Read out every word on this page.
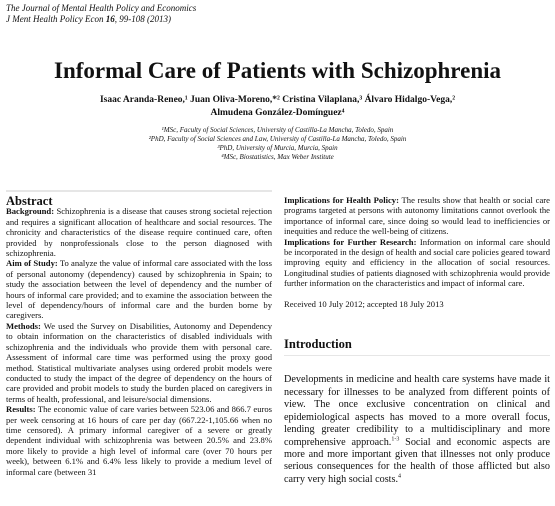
The Journal of Mental Health Policy and Economics
J Ment Health Policy Econ 16, 99-108 (2013)
Informal Care of Patients with Schizophrenia
Isaac Aranda-Reneo,¹ Juan Oliva-Moreno,*² Cristina Vilaplana,³ Álvaro Hidalgo-Vega,²
Almudena González-Domínguez⁴
¹MSc, Faculty of Social Sciences, University of Castilla-La Mancha, Toledo, Spain
²PhD, Faculty of Social Sciences and Law, University of Castilla-La Mancha, Toledo, Spain
³PhD, University of Murcia, Murcia, Spain
⁴MSc, Biostatistics, Max Weber Institute

Abstract

Background: Schizophrenia is a disease that causes strong societal rejection and requires a significant allocation of healthcare and social resources. The chronicity and characteristics of the disease require continued care, often provided by nonprofessionals close to the person diagnosed with schizophrenia.

Aim of Study: To analyze the value of informal care associated with the loss of personal autonomy (dependency) caused by schizophrenia in Spain; to study the association between the level of dependency and the number of hours of informal care provided; and to examine the association between the level of dependency/hours of informal care and the burden borne by caregivers.

Methods: We used the Survey on Disabilities, Autonomy and Dependency to obtain information on the characteristics of disabled individuals with schizophrenia and the individuals who provide them with personal care. Assessment of informal care time was performed using the proxy good method. Statistical multivariate analyses using ordered probit models were conducted to study the impact of the degree of dependency on the hours of care provided and probit models to study the burden placed on caregivers in terms of health, professional, and leisure/social dimensions.

Results: The economic value of care varies between 523.06 and 866.7 euros per week censoring at 16 hours of care per day (667.22-1,105.66 when no time censored). A primary informal caregiver of a severe or greatly dependent individual with schizophrenia was between 20.5% and 23.8% more likely to provide a high level of informal care (over 70 hours per week), between 6.1% and 6.4% less likely to provide a medium level of informal care (between 31

Implications for Health Policy: The results show that health or social care programs targeted at persons with autonomy limitations cannot overlook the importance of informal care, since doing so would lead to inefficiencies or inequities and reduce the well-being of citizens.

Implications for Further Research: Information on informal care should be incorporated in the design of health and social care policies geared toward improving equity and efficiency in the allocation of social resources. Longitudinal studies of patients diagnosed with schizophrenia would provide further information on the characteristics and impact of informal care.

Received 10 July 2012; accepted 18 July 2013

Introduction

Developments in medicine and health care systems have made it necessary for illnesses to be analyzed from different points of view. The once exclusive concentration on clinical and epidemiological aspects has moved to a more overall focus, lending greater credibility to a multidisciplinary and more comprehensive approach.$^{1-3}$ Social and economic aspects are more and more important given that illnesses not only produce serious consequences for the health of those afflicted but also carry very high social costs.$^4$
